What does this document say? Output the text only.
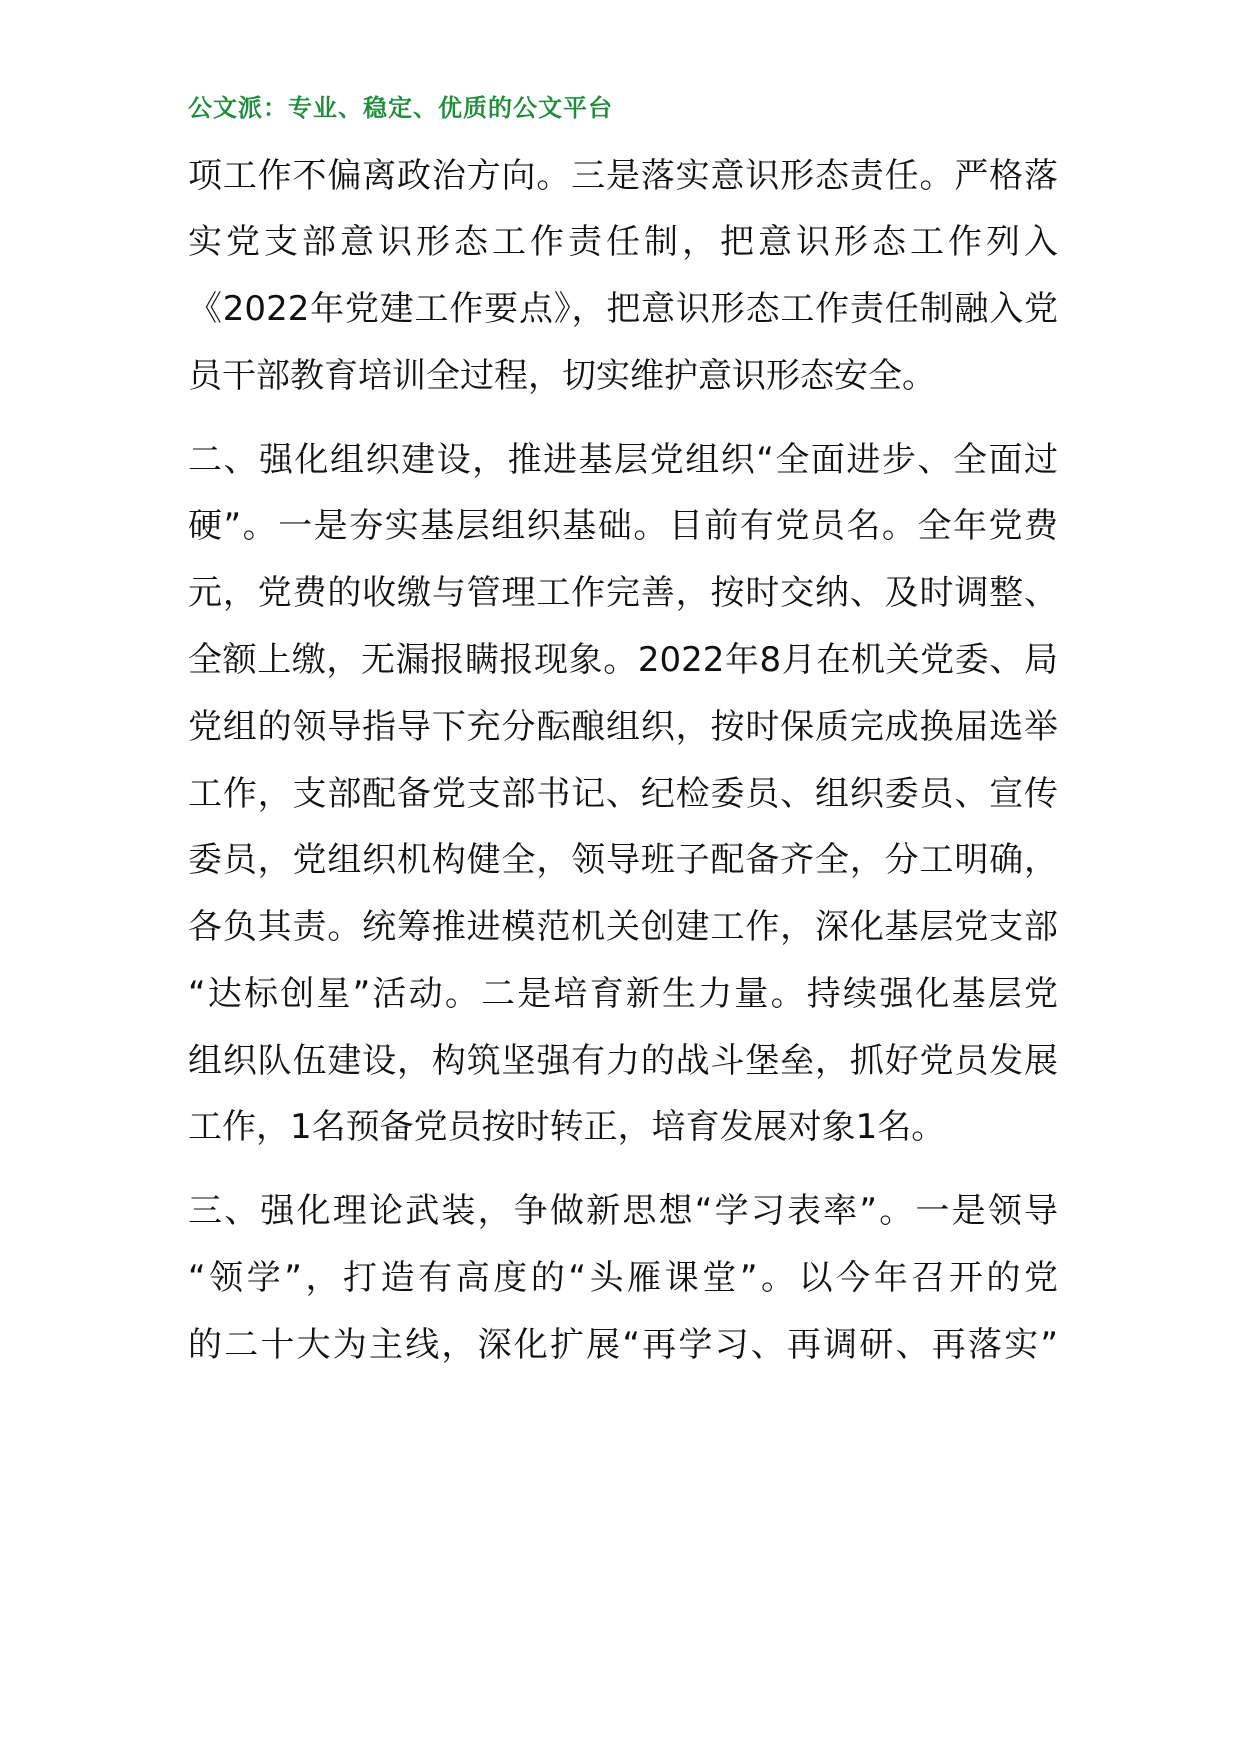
公文派：专业、稳定、优质的公文平台
项工作不偏离政治方向。三是落实意识形态责任。严格落
实党支部意识形态工作责任制，把意识形态工作列入
《2022年党建工作要点》，把意识形态工作责任制融入党
员干部教育培训全过程，切实维护意识形态安全。
二、强化组织建设，推进基层党组织“全面进步、全面过
硬”。一是夯实基层组织基础。目前有党员名。全年党费
元，党费的收缴与管理工作完善，按时交纳、及时调整、
全额上缴，无漏报瞒报现象。2022年8月在机关党委、局
党组的领导指导下充分酝酿组织，按时保质完成换届选举
工作，支部配备党支部书记、纪检委员、组织委员、宣传
委员，党组织机构健全，领导班子配备齐全，分工明确，
各负其责。统筹推进模范机关创建工作，深化基层党支部
“达标创星”活动。二是培育新生力量。持续强化基层党
组织队伍建设，构筑坚强有力的战斗堡垒，抓好党员发展
工作，1名预备党员按时转正，培育发展对象1名。
三、强化理论武装，争做新思想“学习表率”。一是领导
“领学”，打造有高度的“头雁课堂”。以今年召开的党
的二十大为主线，深化扩展“再学习、再调研、再落实”
